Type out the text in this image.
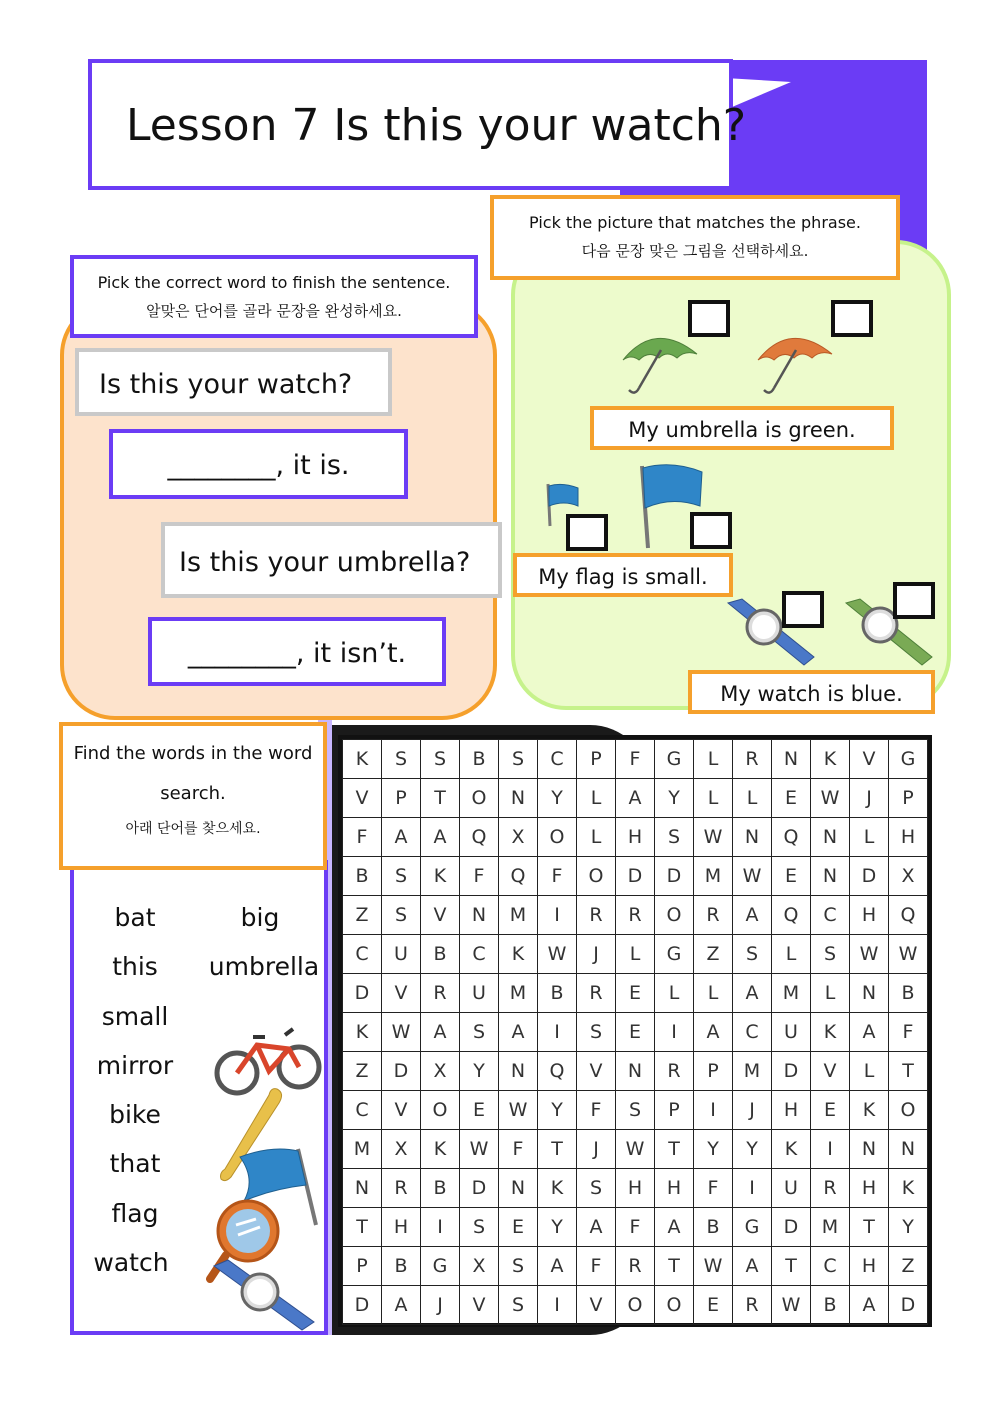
Lesson 7 Is this your watch?
Pick the correct word to finish the sentence.

알맞은 단어를 골라 문장을 완성하세요.
Is this your watch?
________, it is.
Is this your umbrella?
________, it isn’t.
Pick the picture that matches the phrase.

다음 문장 맞은 그림을 선택하세요.
My umbrella is green.
My flag is small.
My watch is blue.
K	S	S	B	S	C	P	F	G	L	R	N	K	V	G
V	P	T	O	N	Y	L	A	Y	L	L	E	W	J	P
F	A	A	Q	X	O	L	H	S	W	N	Q	N	L	H
B	S	K	F	Q	F	O	D	D	M	W	E	N	D	X
Z	S	V	N	M	I	R	R	O	R	A	Q	C	H	Q
C	U	B	C	K	W	J	L	G	Z	S	L	S	W	W
D	V	R	U	M	B	R	E	L	L	A	M	L	N	B
K	W	A	S	A	I	S	E	I	A	C	U	K	A	F
Z	D	X	Y	N	Q	V	N	R	P	M	D	V	L	T
C	V	O	E	W	Y	F	S	P	I	J	H	E	K	O
M	X	K	W	F	T	J	W	T	Y	Y	K	I	N	N
N	R	B	D	N	K	S	H	H	F	I	U	R	H	K
T	H	I	S	E	Y	A	F	A	B	G	D	M	T	Y
P	B	G	X	S	A	F	R	T	W	A	T	C	H	Z
D	A	J	V	S	I	V	O	O	E	R	W	B	A	D
Find the words in the word search.
아래 단어를 찾으세요.
bat
this
small
mirror
bike
that
flag
watch
big
umbrella
